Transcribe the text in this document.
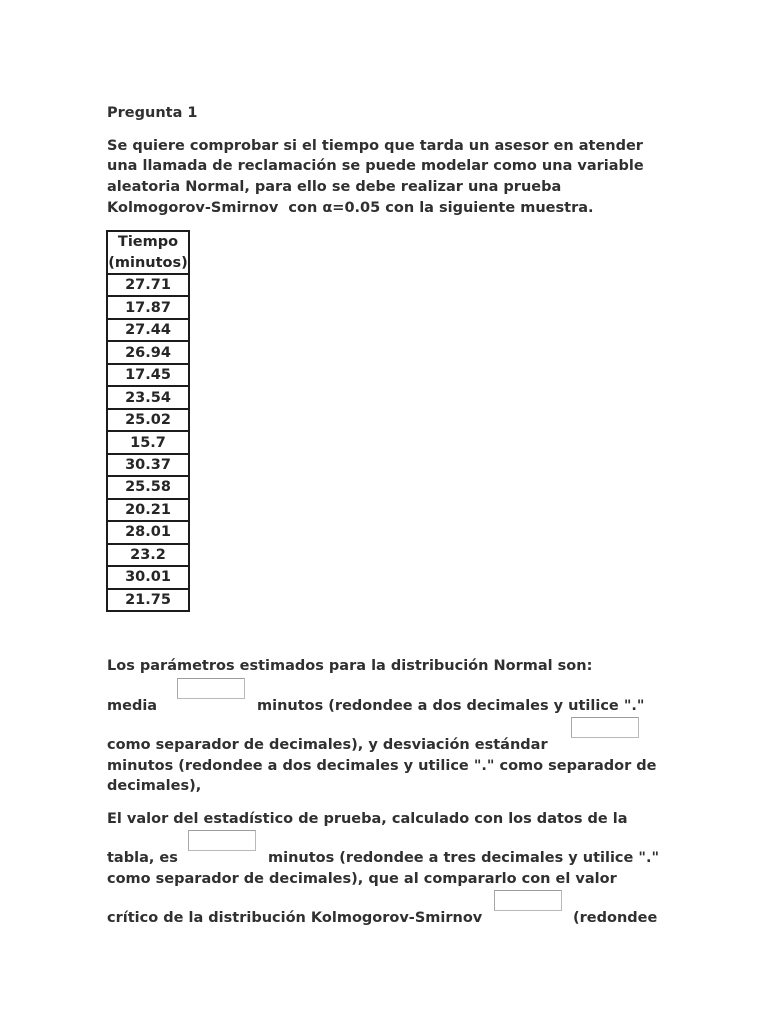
Pregunta 1
Se quiere comprobar si el tiempo que tarda un asesor en atender
una llamada de reclamación se puede modelar como una variable
aleatoria Normal, para ello se debe realizar una prueba
Kolmogorov-Smirnov  con α=0.05 con la siguiente muestra.
Tiempo
(minutos)
27.71
17.87
27.44
26.94
17.45
23.54
25.02
15.7
30.37
25.58
20.21
28.01
23.2
30.01
21.75
Los parámetros estimados para la distribución Normal son:
media	minutos (redondee a dos decimales y utilice "."
como separador de decimales), y desviación estándar
minutos (redondee a dos decimales y utilice "." como separador de
decimales),
El valor del estadístico de prueba, calculado con los datos de la
tabla, es	minutos (redondee a tres decimales y utilice "."
como separador de decimales), que al compararlo con el valor
crítico de la distribución Kolmogorov-Smirnov	(redondee
